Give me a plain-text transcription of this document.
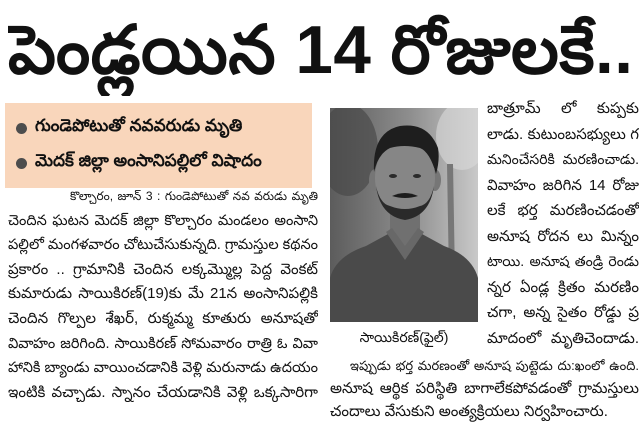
పెండ్లయిన 14 రోజులకే..
గుండెపోటుతో నవవరుడు మృతి
మెదక్ జిల్లా అంసానిపల్లిలో విషాదం
కొల్చారం, జూన్ 3 : గుండెపోటుతో నవ వరుడు మృతి
చెందిన ఘటన మెదక్ జిల్లా కొల్చారం మండలం అంసాని
పల్లిలో మంగళవారం చోటుచేసుకున్నది. గ్రామస్తుల కథనం
ప్రకారం .. గ్రామానికి చెందిన లక్కమ్మొల్ల పెద్ద వెంకట్
కుమారుడు సాయికిరణ్(19)కు మే 21న అంసానిపల్లికి
చెందిన గొల్పల శేఖర్, రుక్మమ్మ కూతురు అనూషతో
వివాహం జరిగింది. సాయికిరణ్ సోమవారం రాత్రి ఓ వివా
హానికి బ్యాండు వాయించడానికి వెళ్లి మరునాడు ఉదయం
ఇంటికి వచ్చాడు. స్నానం చేయడానికి వెళ్లి ఒక్కసారిగా
సాయికిరణ్(ఫైల్)
బాత్రూమ్ లో కుప్పకు
లాడు. కుటుంబసభ్యులు గ
మనించేసరికి మరణించాడు.
వివాహం జరిగిన 14 రోజు
లకే భర్త మరణించడంతో
అనూష రోదన లు మిన్నం
టాయి. అనూష తండ్రి రెండు
న్నర ఏండ్ల క్రితం మరణిం
చగా, అన్న సైతం రోడ్డు ప్ర
మాదంలో మృతిచెందాడు.
ఇప్పుడు భర్త మరణంతో అనూష పుట్టెడు దు:ఖంలో ఉంది.
అనూష ఆర్థిక పరిస్థితి బాగాలేకపోవడంతో గ్రామస్తులు
చందాలు వేసుకుని అంత్యక్రియలు నిర్వహించారు.
